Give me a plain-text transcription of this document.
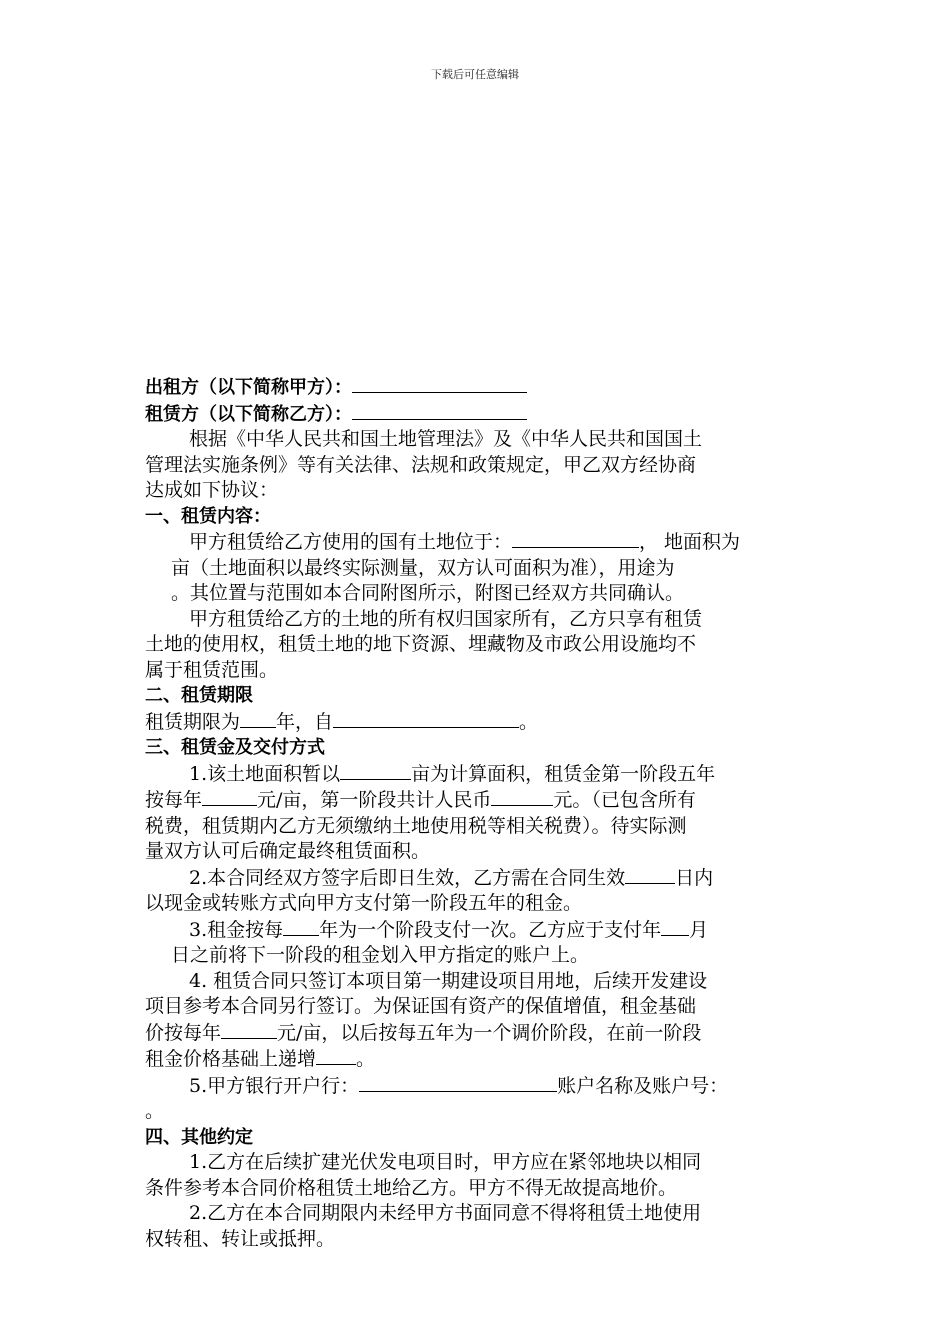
下载后可任意编辑

出租方（以下简称甲方）：

租赁方（以下简称乙方）：

根据《中华人民共和国土地管理法》及《中华人民共和国国土

管理法实施条例》等有关法律、法规和政策规定，甲乙双方经协商

达成如下协议：

一、租赁内容：

甲方租赁给乙方使用的国有土地位于：	， 地面积为

亩（土地面积以最终实际测量，双方认可面积为准），用途为

。其位置与范围如本合同附图所示，附图已经双方共同确认。

甲方租赁给乙方的土地的所有权归国家所有，乙方只享有租赁

土地的使用权，租赁土地的地下资源、埋藏物及市政公用设施均不

属于租赁范围。

二、租赁期限

租赁期限为 年，自	。

三、租赁金及交付方式

1.该土地面积暂以	亩为计算面积，租赁金第一阶段五年

按每年	元/亩，第一阶段共计人民币	元。（已包含所有

税费，租赁期内乙方无须缴纳土地使用税等相关税费）。待实际测

量双方认可后确定最终租赁面积。

2.本合同经双方签字后即日生效，乙方需在合同生效	日内

以现金或转账方式向甲方支付第一阶段五年的租金。

3.租金按每 年为一个阶段支付一次。乙方应于支付年 月

日之前将下一阶段的租金划入甲方指定的账户上。

4. 租赁合同只签订本项目第一期建设项目用地，后续开发建设

项目参考本合同另行签订。为保证国有资产的保值增值，租金基础

价按每年	元/亩，以后按每五年为一个调价阶段，在前一阶段

租金价格基础上递增 。

5.甲方银行开户行：	账户名称及账户号：

。

四、其他约定

1.乙方在后续扩建光伏发电项目时，甲方应在紧邻地块以相同

条件参考本合同价格租赁土地给乙方。甲方不得无故提高地价。

2.乙方在本合同期限内未经甲方书面同意不得将租赁土地使用

权转租、转让或抵押。
